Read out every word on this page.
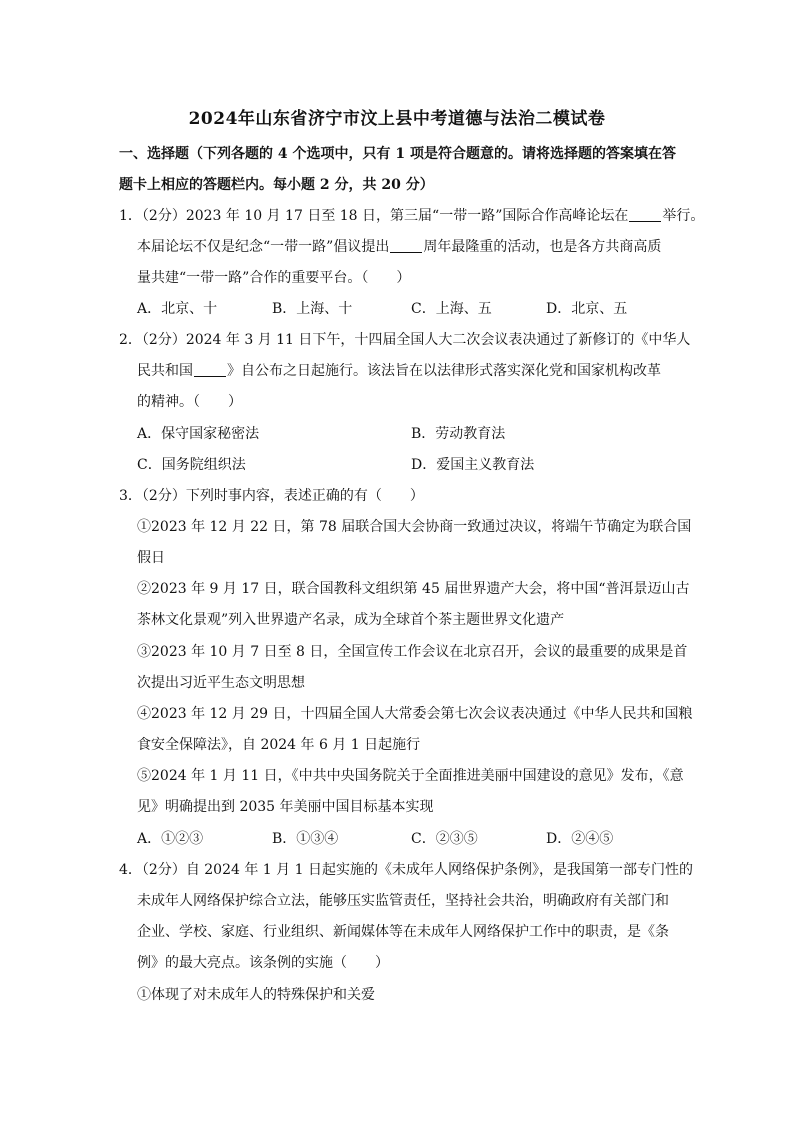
2024年山东省济宁市汶上县中考道德与法治二模试卷
一、选择题（下列各题的 4 个选项中，只有 1 项是符合题意的。请将选择题的答案填在答
题卡上相应的答题栏内。每小题 2 分，共 20 分）
1．（2分）2023 年 10 月 17 日至 18 日，第三届“一带一路”国际合作高峰论坛在 举行。
本届论坛不仅是纪念“一带一路”倡议提出 周年最隆重的活动，也是各方共商高质
量共建“一带一路”合作的重要平台。（　　）
A．北京、十	B．上海、十	C．上海、五	D．北京、五
2．（2分）2024 年 3 月 11 日下午，十四届全国人大二次会议表决通过了新修订的《中华人
民共和国 》自公布之日起施行。该法旨在以法律形式落实深化党和国家机构改革
的精神。（　　）
A．保守国家秘密法	B．劳动教育法
C．国务院组织法	D．爱国主义教育法
3．（2分）下列时事内容，表述正确的有（　　）
①2023 年 12 月 22 日，第 78 届联合国大会协商一致通过决议，将端午节确定为联合国
假日
②2023 年 9 月 17 日，联合国教科文组织第 45 届世界遗产大会，将中国“普洱景迈山古
茶林文化景观”列入世界遗产名录，成为全球首个茶主题世界文化遗产
③2023 年 10 月 7 日至 8 日，全国宣传工作会议在北京召开，会议的最重要的成果是首
次提出习近平生态文明思想
④2023 年 12 月 29 日，十四届全国人大常委会第七次会议表决通过《中华人民共和国粮
食安全保障法》，自 2024 年 6 月 1 日起施行
⑤2024 年 1 月 11 日，《中共中央国务院关于全面推进美丽中国建设的意见》发布，《意
见》明确提出到 2035 年美丽中国目标基本实现
A．①②③	B．①③④	C．②③⑤	D．②④⑤
4．（2分）自 2024 年 1 月 1 日起实施的《未成年人网络保护条例》，是我国第一部专门性的
未成年人网络保护综合立法，能够压实监管责任，坚持社会共治，明确政府有关部门和
企业、学校、家庭、行业组织、新闻媒体等在未成年人网络保护工作中的职责，是《条
例》的最大亮点。该条例的实施（　　）
①体现了对未成年人的特殊保护和关爱
